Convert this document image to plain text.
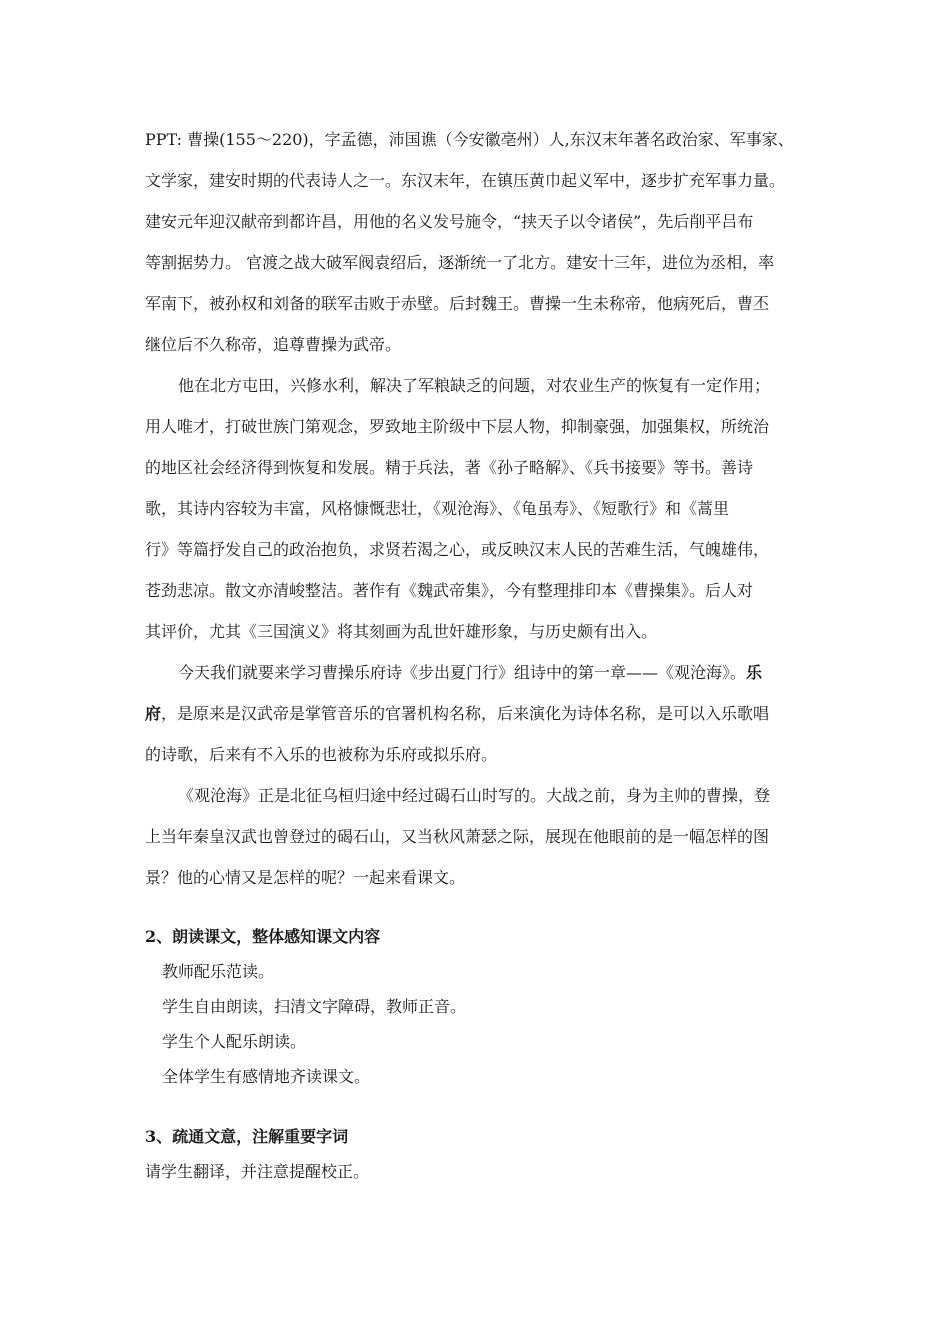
PPT: 曹操(155～220)，字孟德，沛国谯（今安徽亳州）人,东汉末年著名政治家、军事家、
文学家，建安时期的代表诗人之一。东汉末年，在镇压黄巾起义军中，逐步扩充军事力量。
建安元年迎汉献帝到都许昌，用他的名义发号施令，“挟天子以令诸侯”，先后削平吕布
等割据势力。 官渡之战大破军阀袁绍后，逐渐统一了北方。建安十三年，进位为丞相，率
军南下，被孙权和刘备的联军击败于赤壁。后封魏王。曹操一生未称帝，他病死后，曹丕
继位后不久称帝，追尊曹操为武帝。
他在北方屯田，兴修水利，解决了军粮缺乏的问题，对农业生产的恢复有一定作用；
用人唯才，打破世族门第观念，罗致地主阶级中下层人物，抑制豪强，加强集权，所统治
的地区社会经济得到恢复和发展。精于兵法，著《孙子略解》、《兵书接要》等书。善诗
歌，其诗内容较为丰富，风格慷慨悲壮，《观沧海》、《龟虽寿》、《短歌行》和《蒿里
行》等篇抒发自己的政治抱负，求贤若渴之心，或反映汉末人民的苦难生活，气魄雄伟，
苍劲悲凉。散文亦清峻整洁。著作有《魏武帝集》，今有整理排印本《曹操集》。后人对
其评价，尤其《三国演义》将其刻画为乱世奸雄形象，与历史颇有出入。
今天我们就要来学习曹操乐府诗《步出夏门行》组诗中的第一章——《观沧海》。乐
府，是原来是汉武帝是掌管音乐的官署机构名称，后来演化为诗体名称，是可以入乐歌唱
的诗歌，后来有不入乐的也被称为乐府或拟乐府。
《观沧海》正是北征乌桓归途中经过碣石山时写的。大战之前，身为主帅的曹操，登
上当年秦皇汉武也曾登过的碣石山，又当秋风萧瑟之际，展现在他眼前的是一幅怎样的图
景？他的心情又是怎样的呢？一起来看课文。
2、朗读课文，整体感知课文内容
教师配乐范读。
学生自由朗读，扫清文字障碍，教师正音。
学生个人配乐朗读。
全体学生有感情地齐读课文。
3、疏通文意，注解重要字词
请学生翻译，并注意提醒校正。
